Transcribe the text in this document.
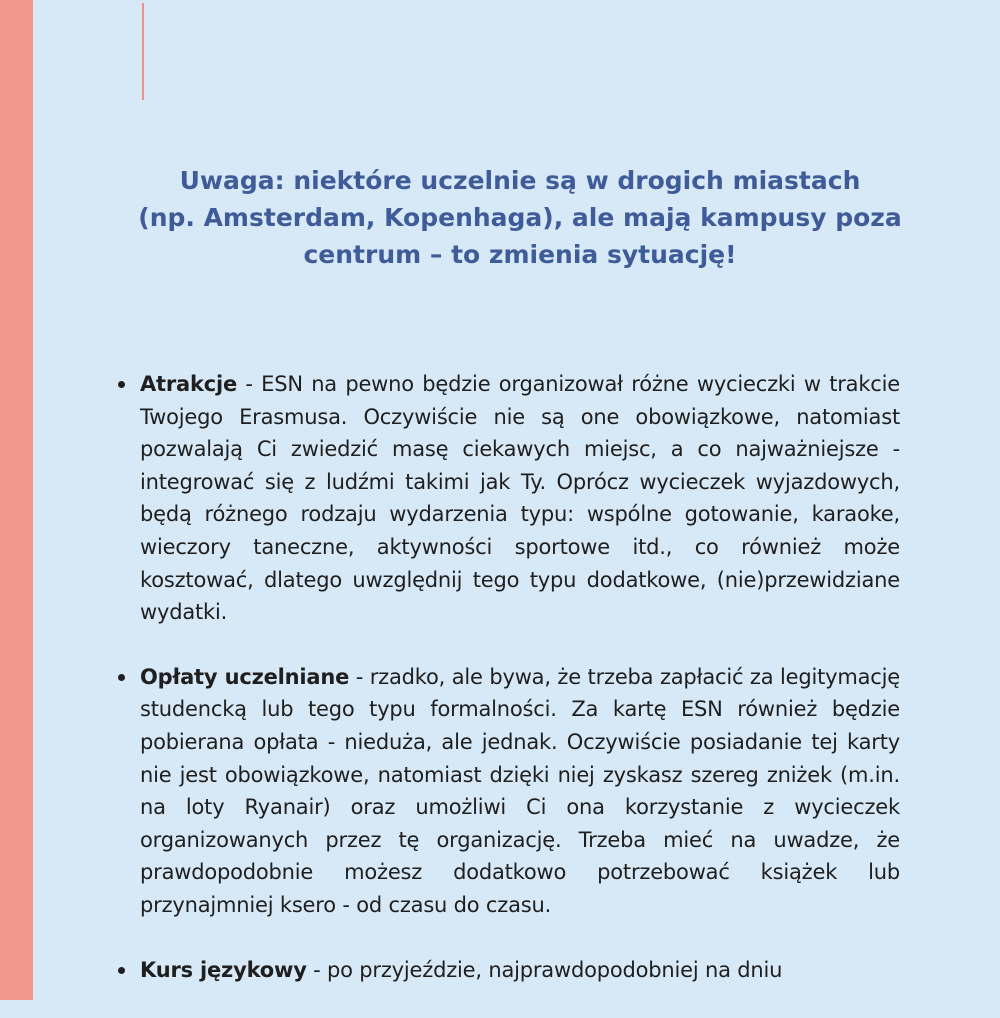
Uwaga: niektóre uczelnie są w drogich miastach
(np. Amsterdam, Kopenhaga), ale mają kampusy poza
centrum – to zmienia sytuację!
Atrakcje - ESN na pewno będzie organizował różne wycieczki w trakcie Twojego Erasmusa. Oczywiście nie są one obowiązkowe, natomiast pozwalają Ci zwiedzić masę ciekawych miejsc, a co najważniejsze - integrować się z ludźmi takimi jak Ty. Oprócz wycieczek wyjazdowych, będą różnego rodzaju wydarzenia typu: wspólne gotowanie, karaoke, wieczory taneczne, aktywności sportowe itd., co również może kosztować, dlatego uwzględnij tego typu dodatkowe, (nie)przewidziane wydatki.
Opłaty uczelniane - rzadko, ale bywa, że trzeba zapłacić za legitymację studencką lub tego typu formalności. Za kartę ESN również będzie pobierana opłata - nieduża, ale jednak. Oczywiście posiadanie tej karty nie jest obowiązkowe, natomiast dzięki niej zyskasz szereg zniżek (m.in. na loty Ryanair) oraz umożliwi Ci ona korzystanie z wycieczek organizowanych przez tę organizację. Trzeba mieć na uwadze, że prawdopodobnie możesz dodatkowo potrzebować książek lub przynajmniej ksero - od czasu do czasu.
Kurs językowy - po przyjeździe, najprawdopodobniej na dniu
